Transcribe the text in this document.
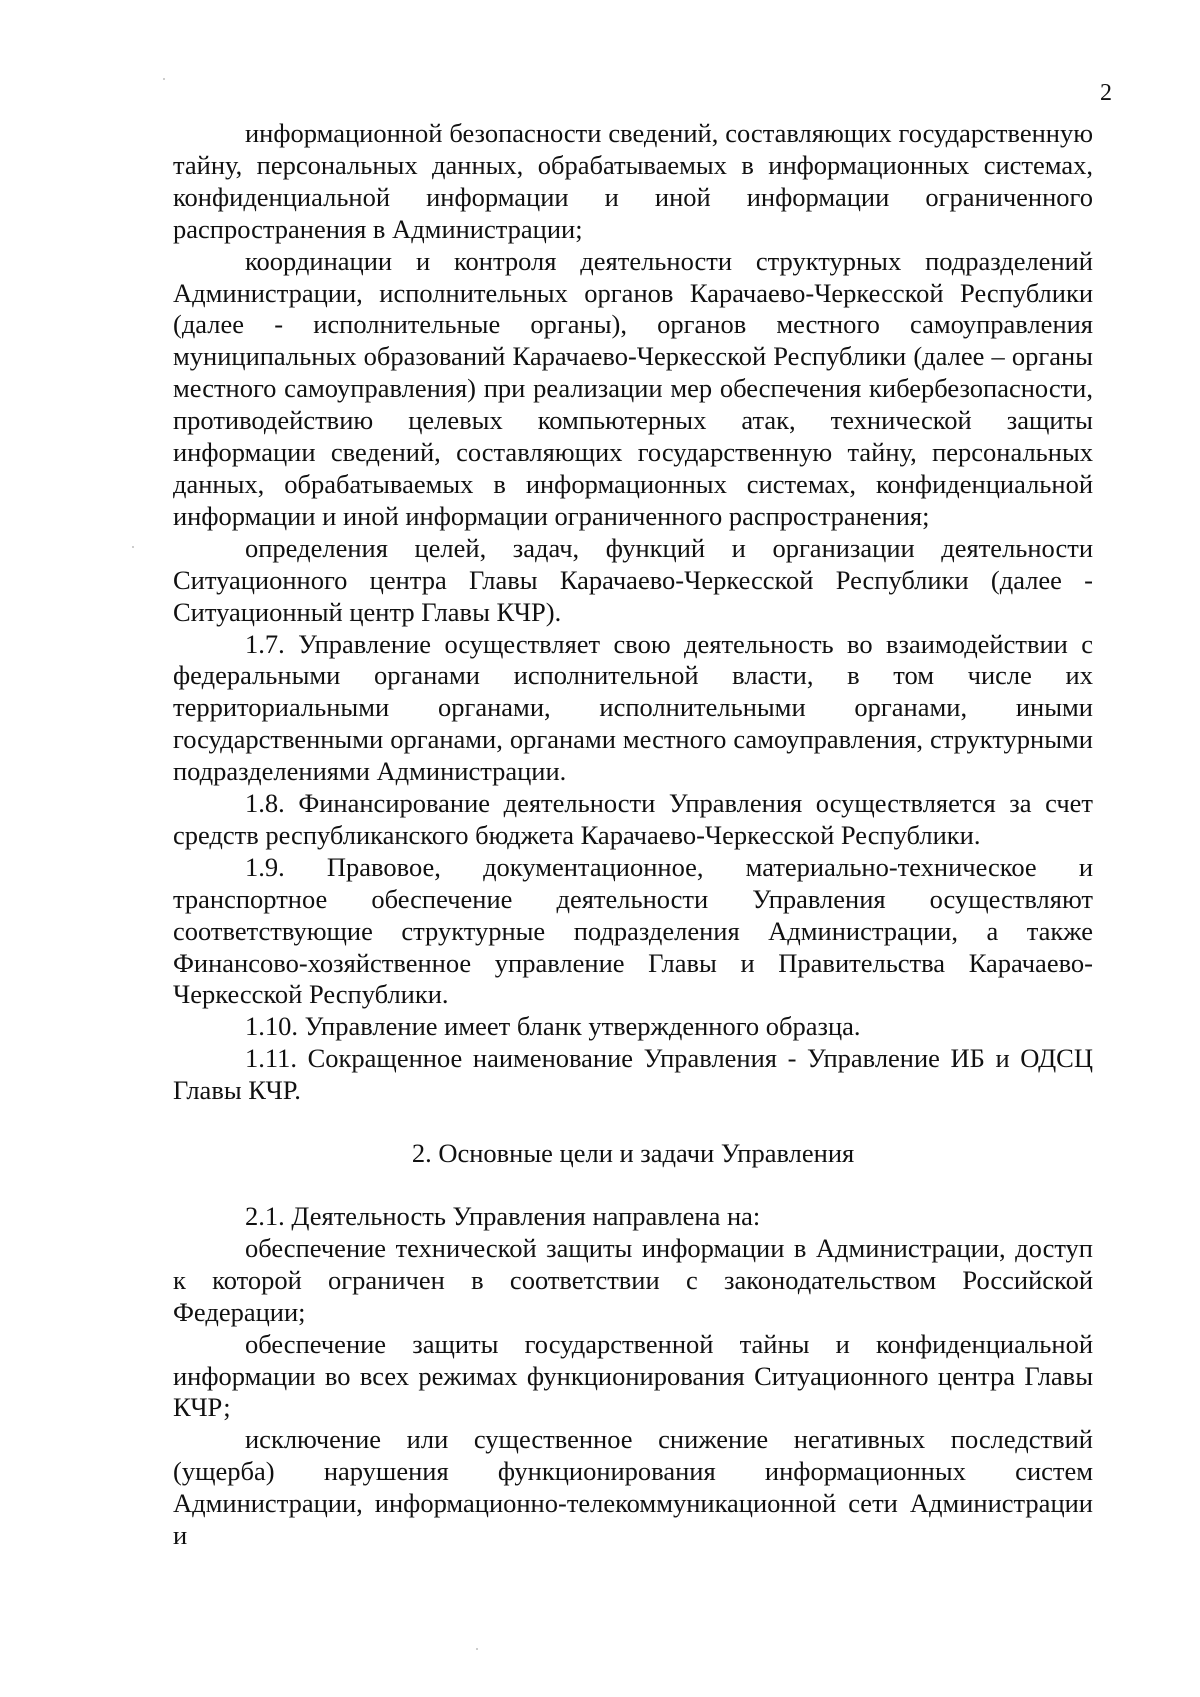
2

информационной безопасности сведений, составляющих государственную тайну, персональных данных, обрабатываемых в информационных системах, конфиденциальной информации и иной информации ограниченного распространения в Администрации;

координации и контроля деятельности структурных подразделений Администрации, исполнительных органов Карачаево-Черкесской Республики (далее - исполнительные органы), органов местного самоуправления муниципальных образований Карачаево-Черкесской Республики (далее – органы местного самоуправления) при реализации мер обеспечения кибербезопасности, противодействию целевых компьютерных атак, технической защиты информации сведений, составляющих государственную тайну, персональных данных, обрабатываемых в информационных системах, конфиденциальной информации и иной информации ограниченного распространения;

определения целей, задач, функций и организации деятельности Ситуационного центра Главы Карачаево-Черкесской Республики (далее - Ситуационный центр Главы КЧР).

1.7. Управление осуществляет свою деятельность во взаимодействии с федеральными органами исполнительной власти, в том числе их территориальными органами, исполнительными органами, иными государственными органами, органами местного самоуправления, структурными подразделениями Администрации.

1.8. Финансирование деятельности Управления осуществляется за счет средств республиканского бюджета Карачаево-Черкесской Республики.

1.9. Правовое, документационное, материально-техническое и транспортное обеспечение деятельности Управления осуществляют соответствующие структурные подразделения Администрации, а также Финансово-хозяйственное управление Главы и Правительства Карачаево-Черкесской Республики.

1.10. Управление имеет бланк утвержденного образца.

1.11. Сокращенное наименование Управления - Управление ИБ и ОДСЦ Главы КЧР.

2. Основные цели и задачи Управления

2.1. Деятельность Управления направлена на:

обеспечение технической защиты информации в Администрации, доступ к которой ограничен в соответствии с законодательством Российской Федерации;

обеспечение защиты государственной тайны и конфиденциальной информации во всех режимах функционирования Ситуационного центра Главы КЧР;

исключение или существенное снижение негативных последствий (ущерба) нарушения функционирования информационных систем Администрации, информационно-телекоммуникационной сети Администрации и
